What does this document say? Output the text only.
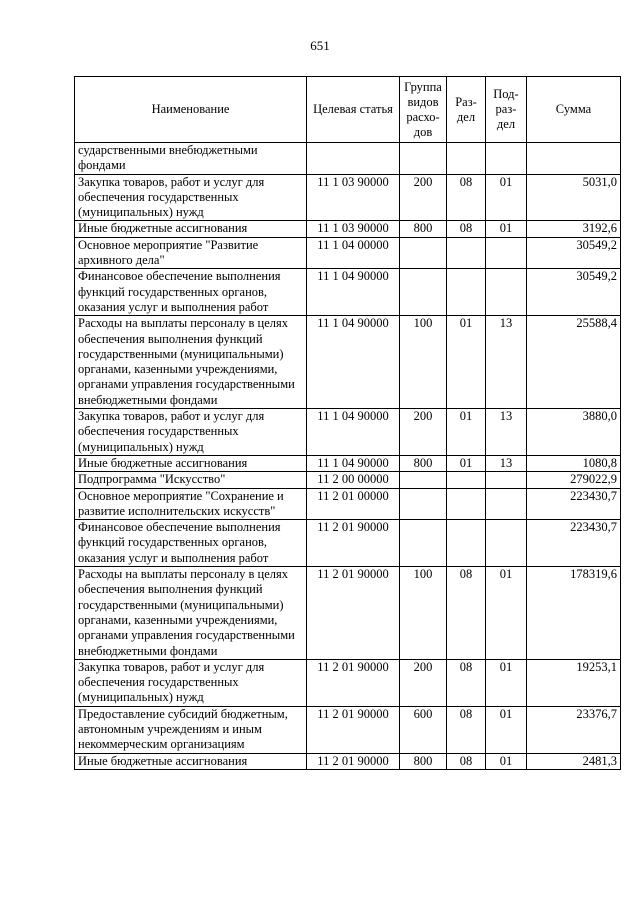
651
Наименование	Целевая статья	Группа видов расхо-дов	Раз-дел	Под-раз-дел	Сумма
сударственными внебюджетными фондами					
Закупка товаров, работ и услуг для обеспечения государственных (муниципальных) нужд	11 1 03 90000	200	08	01	5031,0
Иные бюджетные ассигнования	11 1 03 90000	800	08	01	3192,6
Основное мероприятие "Развитие архивного дела"	11 1 04 00000				30549,2
Финансовое обеспечение выполнения функций государственных органов, оказания услуг и выполнения работ	11 1 04 90000				30549,2
Расходы на выплаты персоналу в целях обеспечения выполнения функций государственными (муниципальными) органами, казенными учреждениями, органами управления государственными внебюджетными фондами	11 1 04 90000	100	01	13	25588,4
Закупка товаров, работ и услуг для обеспечения государственных (муниципальных) нужд	11 1 04 90000	200	01	13	3880,0
Иные бюджетные ассигнования	11 1 04 90000	800	01	13	1080,8
Подпрограмма "Искусство"	11 2 00 00000				279022,9
Основное мероприятие "Сохранение и развитие исполнительских искусств"	11 2 01 00000				223430,7
Финансовое обеспечение выполнения функций государственных органов, оказания услуг и выполнения работ	11 2 01 90000				223430,7
Расходы на выплаты персоналу в целях обеспечения выполнения функций государственными (муниципальными) органами, казенными учреждениями, органами управления государственными внебюджетными фондами	11 2 01 90000	100	08	01	178319,6
Закупка товаров, работ и услуг для обеспечения государственных (муниципальных) нужд	11 2 01 90000	200	08	01	19253,1
Предоставление субсидий бюджетным, автономным учреждениям и иным некоммерческим организациям	11 2 01 90000	600	08	01	23376,7
Иные бюджетные ассигнования	11 2 01 90000	800	08	01	2481,3
